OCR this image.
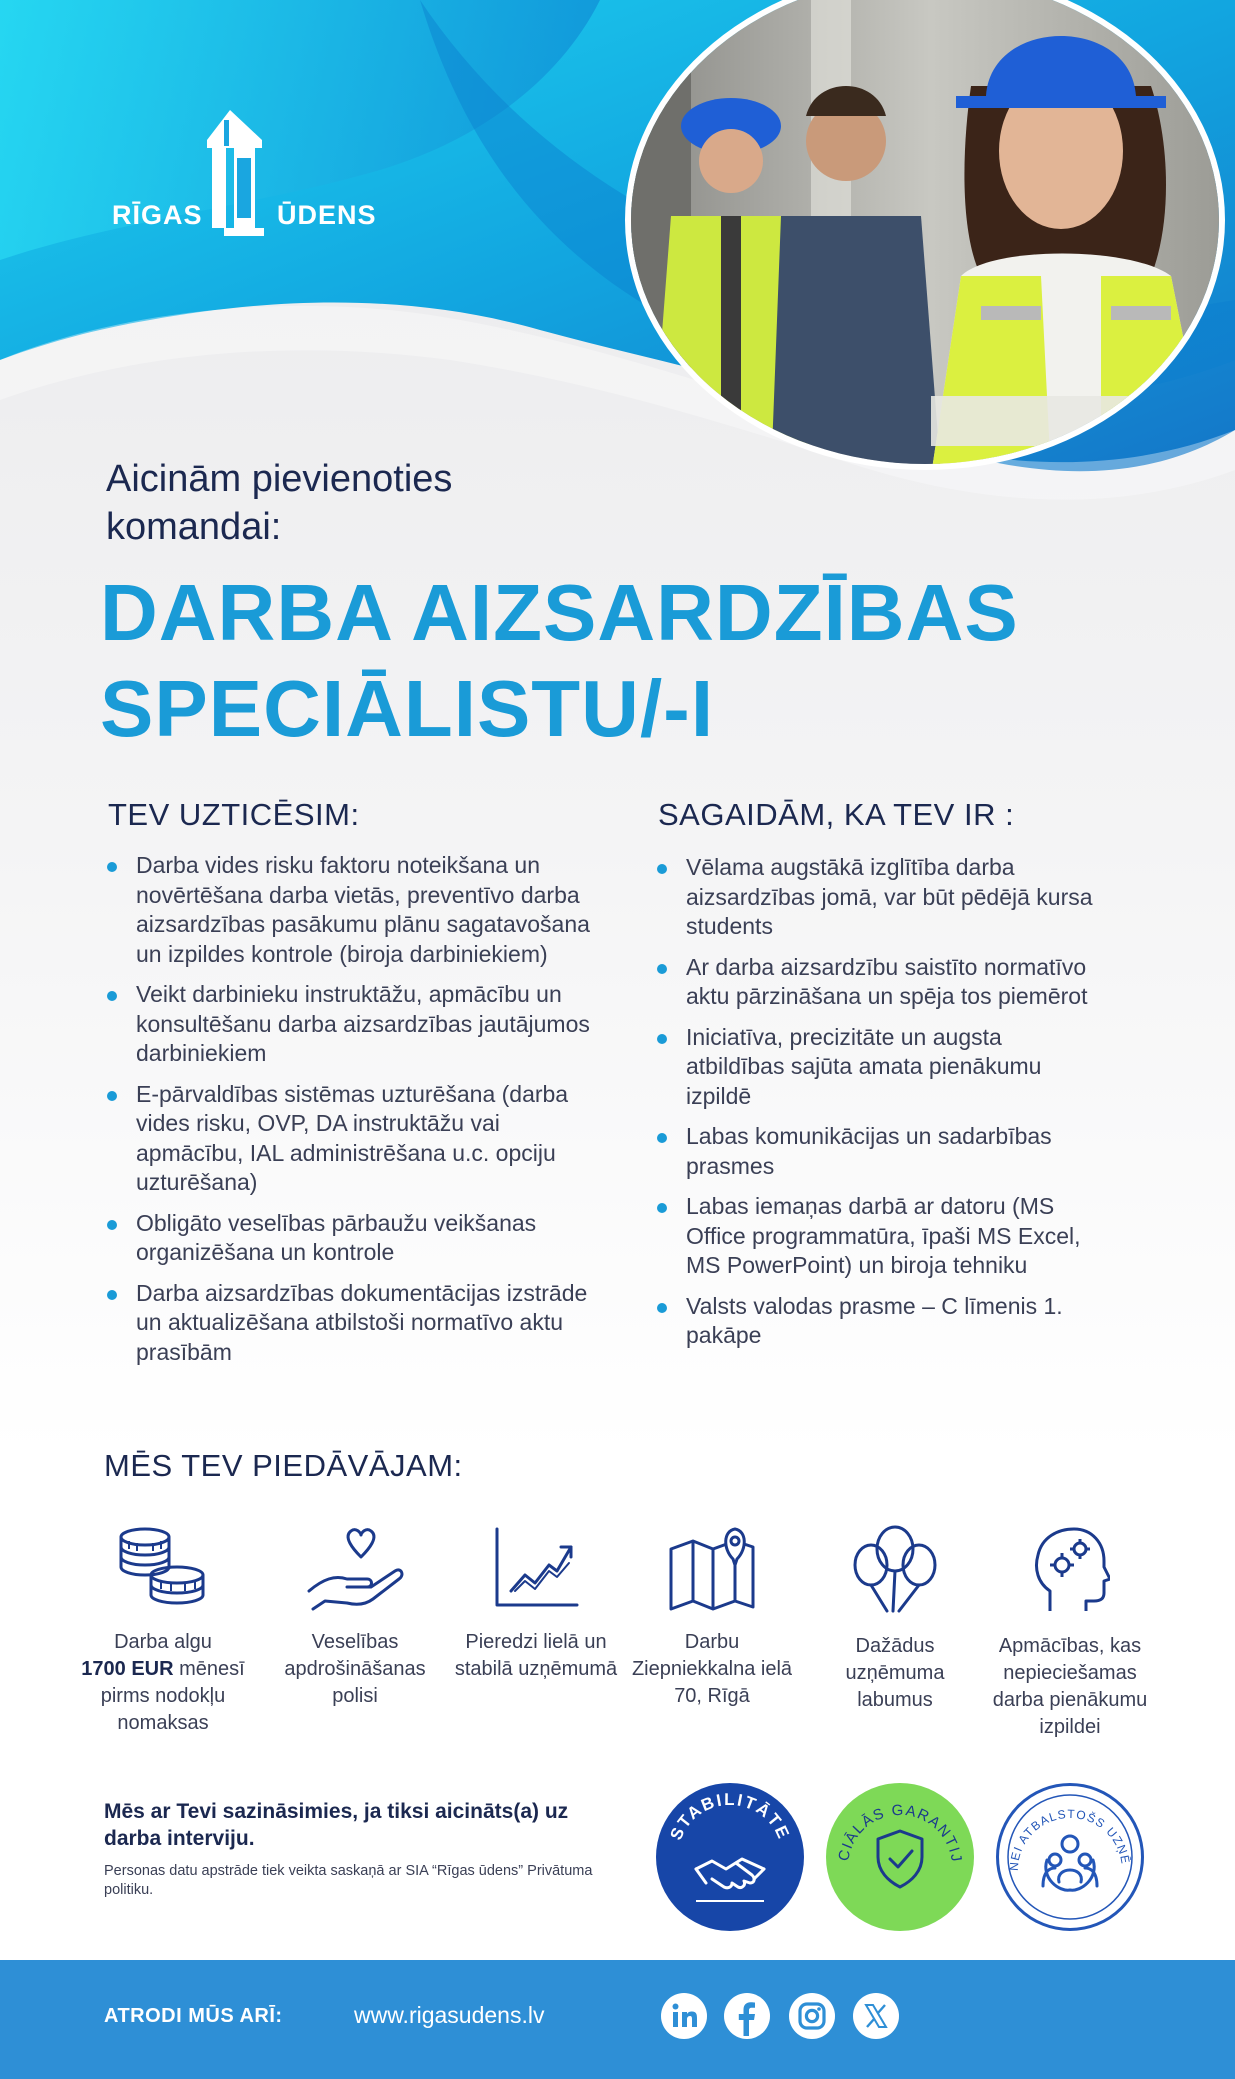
RĪGAS	ŪDENS
Aicinām pievienoties
komandai:
DARBA AIZSARDZĪBAS
SPECIĀLISTU/-I
TEV UZTICĒSIM:
Darba vides risku faktoru noteikšana un novērtēšana darba vietās, preventīvo darba aizsardzības pasākumu plānu sagatavošana un izpildes kontrole (biroja darbiniekiem)
Veikt darbinieku instruktāžu, apmācību un konsultēšanu darba aizsardzības jautājumos darbiniekiem
E-pārvaldības sistēmas uzturēšana (darba vides risku, OVP, DA instruktāžu vai apmācību, IAL administrēšana u.c. opciju uzturēšana)
Obligāto veselības pārbaužu veikšanas organizēšana un kontrole
Darba aizsardzības dokumentācijas izstrāde un aktualizēšana atbilstoši normatīvo aktu prasībām
SAGAIDĀM, KA TEV IR :
Vēlama augstākā izglītība darba aizsardzības jomā, var būt pēdējā kursa students
Ar darba aizsardzību saistīto normatīvo aktu pārzināšana un spēja tos piemērot
Iniciatīva, precizitāte un augsta atbildības sajūta amata pienākumu izpildē
Labas komunikācijas un sadarbības prasmes
Labas iemaņas darbā ar datoru (MS Office programmatūra, īpaši MS Excel, MS PowerPoint) un biroja tehniku
Valsts valodas prasme – C līmenis 1. pakāpe
MĒS TEV PIEDĀVĀJAM:
Darba algu
1700 EUR mēnesī pirms nodokļu nomaksas
Veselības apdrošināšanas polisi
Pieredzi lielā un stabilā uzņēmumā
Darbu Ziepniekkalna ielā 70, Rīgā
Dažādus uzņēmuma labumus
Apmācības, kas nepieciešamas darba pienākumu izpildei
Mēs ar Tevi sazināsimies, ja tiksi aicināts(a) uz darba interviju.
Personas datu apstrāde tiek veikta saskaņā ar SIA “Rīgas ūdens” Privātuma politiku.
STABILITĀTE
CIĀLĀS GARANTIJ
NEI ATBALSTOŠS UZŅĒ
ATRODI MŪS ARĪ:	www.rigasudens.lv
